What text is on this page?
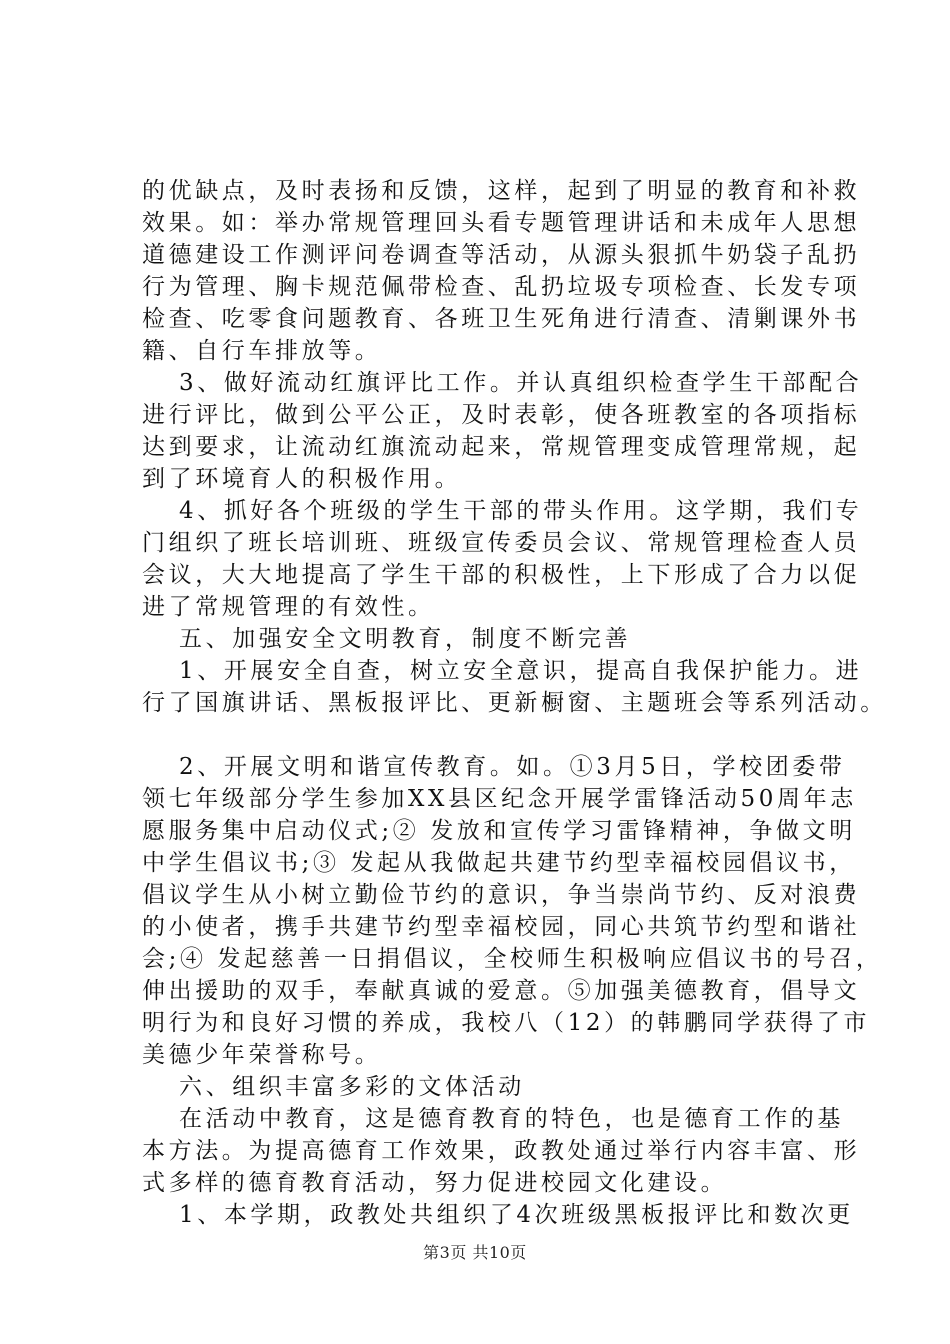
的优缺点，及时表扬和反馈，这样，起到了明显的教育和补救
效果。如：举办常规管理回头看专题管理讲话和未成年人思想
道德建设工作测评问卷调查等活动，从源头狠抓牛奶袋子乱扔
行为管理、胸卡规范佩带检查、乱扔垃圾专项检查、长发专项
检查、吃零食问题教育、各班卫生死角进行清查、清剿课外书
籍、自行车排放等。
3、做好流动红旗评比工作。并认真组织检查学生干部配合
进行评比，做到公平公正，及时表彰，使各班教室的各项指标
达到要求，让流动红旗流动起来，常规管理变成管理常规，起
到了环境育人的积极作用。
4、抓好各个班级的学生干部的带头作用。这学期，我们专
门组织了班长培训班、班级宣传委员会议、常规管理检查人员
会议，大大地提高了学生干部的积极性，上下形成了合力以促
进了常规管理的有效性。
五、加强安全文明教育，制度不断完善
1、开展安全自查，树立安全意识，提高自我保护能力。进
行了国旗讲话、黑板报评比、更新橱窗、主题班会等系列活动。
2、开展文明和谐宣传教育。如。①3月5日，学校团委带
领七年级部分学生参加XX县区纪念开展学雷锋活动50周年志
愿服务集中启动仪式;② 发放和宣传学习雷锋精神，争做文明
中学生倡议书;③ 发起从我做起共建节约型幸福校园倡议书，
倡议学生从小树立勤俭节约的意识，争当崇尚节约、反对浪费
的小使者，携手共建节约型幸福校园，同心共筑节约型和谐社
会;④ 发起慈善一日捐倡议，全校师生积极响应倡议书的号召，
伸出援助的双手，奉献真诚的爱意。⑤加强美德教育，倡导文
明行为和良好习惯的养成，我校八（12）的韩鹏同学获得了市
美德少年荣誉称号。
六、组织丰富多彩的文体活动
在活动中教育，这是德育教育的特色，也是德育工作的基
本方法。为提高德育工作效果，政教处通过举行内容丰富、形
式多样的德育教育活动，努力促进校园文化建设。
1、本学期，政教处共组织了4次班级黑板报评比和数次更
第3页 共10页
